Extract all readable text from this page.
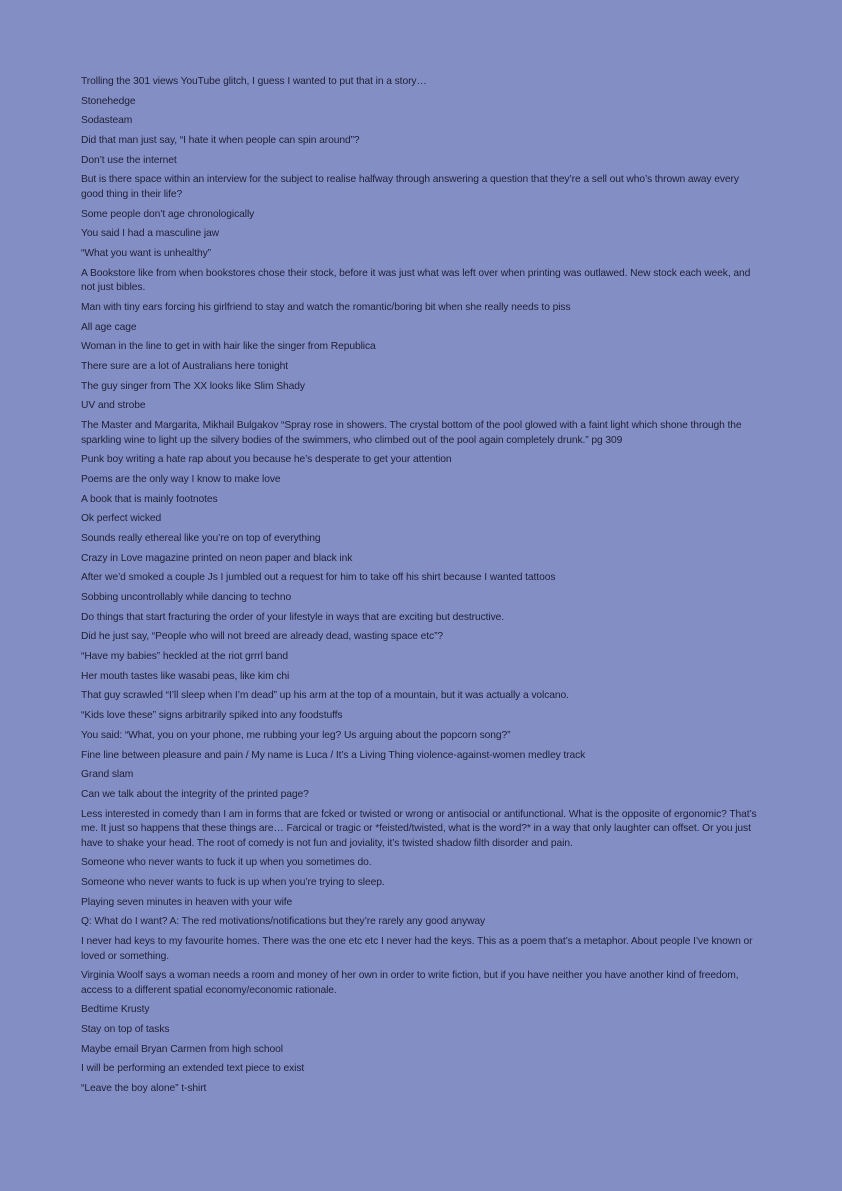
Trolling the 301 views YouTube glitch, I guess I wanted to put that in a story…

Stonehedge

Sodasteam

Did that man just say, “I hate it when people can spin around”?

Don’t use the internet

But is there space within an interview for the subject to realise halfway through answering a question that they’re a sell out who’s thrown away every good thing in their life?

Some people don’t age chronologically

You said I had a masculine jaw

“What you want is unhealthy”

A Bookstore like from when bookstores chose their stock, before it was just what was left over when printing was outlawed. New stock each week, and not just bibles.

Man with tiny ears forcing his girlfriend to stay and watch the romantic/boring bit when she really needs to piss

All age cage

Woman in the line to get in with hair like the singer from Republica

There sure are a lot of Australians here tonight

The guy singer from The XX looks like Slim Shady

UV and strobe

The Master and Margarita, Mikhail Bulgakov “Spray rose in showers. The crystal bottom of the pool glowed with a faint light which shone through the sparkling wine to light up the silvery bodies of the swimmers, who climbed out of the pool again completely drunk.” pg 309

Punk boy writing a hate rap about you because he’s desperate to get your attention

Poems are the only way I know to make love

A book that is mainly footnotes

Ok perfect wicked

Sounds really ethereal like you’re on top of everything

Crazy in Love magazine printed on neon paper and black ink

After we’d smoked a couple Js I jumbled out a request for him to take off his shirt because I wanted tattoos

Sobbing uncontrollably while dancing to techno

Do things that start fracturing the order of your lifestyle in ways that are exciting but destructive.

Did he just say, “People who will not breed are already dead, wasting space etc”?

“Have my babies” heckled at the riot grrrl band

Her mouth tastes like wasabi peas, like kim chi

That guy scrawled “I’ll sleep when I’m dead” up his arm at the top of a mountain, but it was actually a volcano.

“Kids love these” signs arbitrarily spiked into any foodstuffs

You said: “What, you on your phone, me rubbing your leg? Us arguing about the popcorn song?”

Fine line between pleasure and pain / My name is Luca / It’s a Living Thing violence-against-women medley track

Grand slam

Can we talk about the integrity of the printed page?

Less interested in comedy than I am in forms that are fcked or twisted or wrong or antisocial or antifunctional. What is the opposite of ergonomic? That’s me. It just so happens that these things are… Farcical or tragic or *feisted/twisted, what is the word?* in a way that only laughter can offset. Or you just have to shake your head. The root of comedy is not fun and joviality, it’s twisted shadow filth disorder and pain.

Someone who never wants to fuck it up when you sometimes do.

Someone who never wants to fuck is up when you’re trying to sleep.

Playing seven minutes in heaven with your wife

Q: What do I want? A: The red motivations/notifications but they’re rarely any good anyway

I never had keys to my favourite homes. There was the one etc etc I never had the keys. This as a poem that’s a metaphor. About people I’ve known or loved or something.

Virginia Woolf says a woman needs a room and money of her own in order to write fiction, but if you have neither you have another kind of freedom, access to a different spatial economy/economic rationale.

Bedtime Krusty

Stay on top of tasks

Maybe email Bryan Carmen from high school

I will be performing an extended text piece to exist

“Leave the boy alone” t-shirt
